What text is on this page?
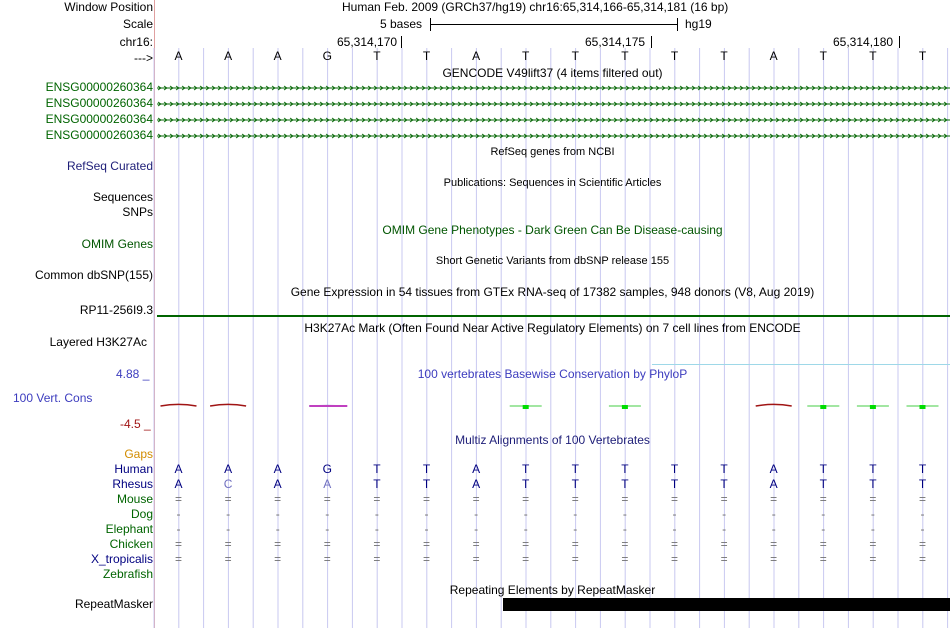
Window Position	Human Feb. 2009 (GRCh37/hg19) chr16:65,314,166-65,314,181 (16 bp)
Scale	5 bases	hg19
chr16:	65,314,170	65,314,175	65,314,180
--->	A	A	A	G	T	T	A	T	T	T	T	T	A	T	T	T
GENCODE V49lift37 (4 items filtered out)
ENSG00000260364
ENSG00000260364
ENSG00000260364
ENSG00000260364
RefSeq genes from NCBI
RefSeq Curated
Publications: Sequences in Scientific Articles
Sequences
SNPs
OMIM Gene Phenotypes - Dark Green Can Be Disease-causing
OMIM Genes
Short Genetic Variants from dbSNP release 155
Common dbSNP(155)
Gene Expression in 54 tissues from GTEx RNA-seq of 17382 samples, 948 donors (V8, Aug 2019)
RP11-256I9.3
H3K27Ac Mark (Often Found Near Active Regulatory Elements) on 7 cell lines from ENCODE
Layered H3K27Ac
4.88 _	100 vertebrates Basewise Conservation by PhyloP
100 Vert. Cons
-4.5 _
Multiz Alignments of 100 Vertebrates
Gaps
Human	A	A	A	G	T	T	A	T	T	T	T	T	A	T	T	T
Rhesus	A	C	A	A	T	T	A	T	T	T	T	T	A	T	T	T
Mouse	=	=	=	=	=	=	=	=	=	=	=	=	=	=	=	=
Dog	-	-	-	-	-	-	-	-	-	-	-	-	-	-	-	-
Elephant	-	-	-	-	-	-	-	-	-	-	-	-	-	-	-	-
Chicken	=	=	=	=	=	=	=	=	=	=	=	=	=	=	=	=
X_tropicalis	=	=	=	=	=	=	=	=	=	=	=	=	=	=	=	=
Zebrafish
Repeating Elements by RepeatMasker
RepeatMasker
